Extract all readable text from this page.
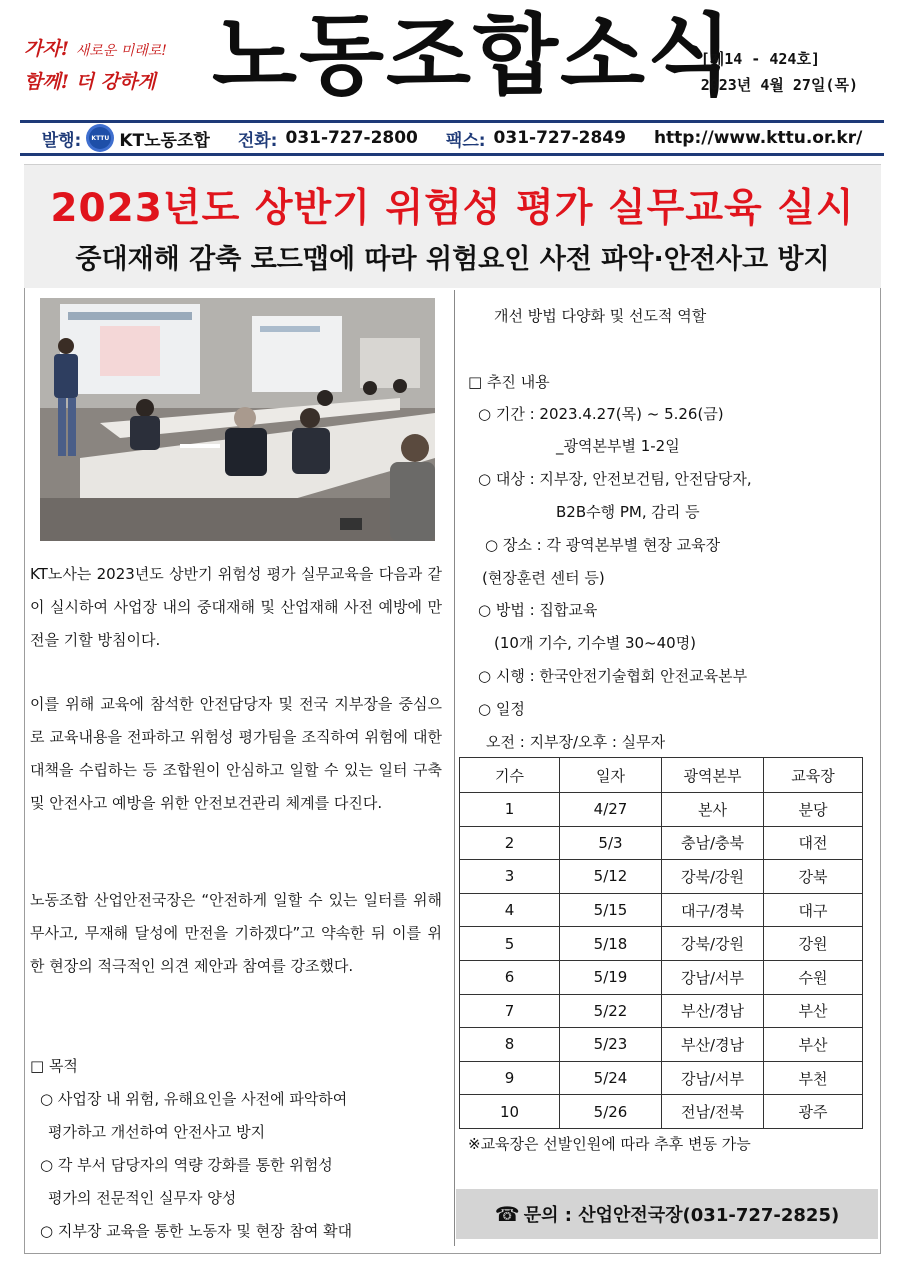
가자! 새로운 미래로!
함께! 더 강하게 노동조합소식
[제14 - 424호]
2023년 4월 27일(목)
발행:	KTTU KT노동조합 전화: 031-727-2800 팩스: 031-727-2849 http://www.kttu.or.kr/
2023년도 상반기 위험성 평가 실무교육 실시
중대재해 감축 로드맵에 따라 위험요인 사전 파악·안전사고 방지
KT노사는 2023년도 상반기 위험성 평가 실무교육을 다음과 같이 실시하여 사업장 내의 중대재해 및 산업재해 사전 예방에 만전을 기할 방침이다.
이를 위해 교육에 참석한 안전담당자 및 전국 지부장을 중심으로 교육내용을 전파하고 위험성 평가팀을 조직하여 위험에 대한 대책을 수립하는 등 조합원이 안심하고 일할 수 있는 일터 구축 및 안전사고 예방을 위한 안전보건관리 체계를 다진다.
노동조합 산업안전국장은 “안전하게 일할 수 있는 일터를 위해 무사고, 무재해 달성에 만전을 기하겠다”고 약속한 뒤 이를 위한 현장의 적극적인 의견 제안과 참여를 강조했다.
□ 목적
○ 사업장 내 위험, 유해요인을 사전에 파악하여
평가하고 개선하여 안전사고 방지
○ 각 부서 담당자의 역량 강화를 통한 위험성
평가의 전문적인 실무자 양성
○ 지부장 교육을 통한 노동자 및 현장 참여 확대
개선 방법 다양화 및 선도적 역할
□ 추진 내용
○ 기간 : 2023.4.27(목) ~ 5.26(금)
_광역본부별 1-2일
○ 대상 : 지부장, 안전보건팀, 안전담당자,
B2B수행 PM, 감리 등
○ 장소 : 각 광역본부별 현장 교육장
(현장훈련 센터 등)
○ 방법 : 집합교육
(10개 기수, 기수별 30~40명)
○ 시행 : 한국안전기술협회 안전교육본부
○ 일정
오전 : 지부장/오후 : 실무자
기수	일자	광역본부	교육장
1	4/27	본사	분당
2	5/3	충남/충북	대전
3	5/12	강북/강원	강북
4	5/15	대구/경북	대구
5	5/18	강북/강원	강원
6	5/19	강남/서부	수원
7	5/22	부산/경남	부산
8	5/23	부산/경남	부산
9	5/24	강남/서부	부천
10	5/26	전남/전북	광주
※교육장은 선발인원에 따라 추후 변동 가능
☎ 문의 : 산업안전국장(031-727-2825)
